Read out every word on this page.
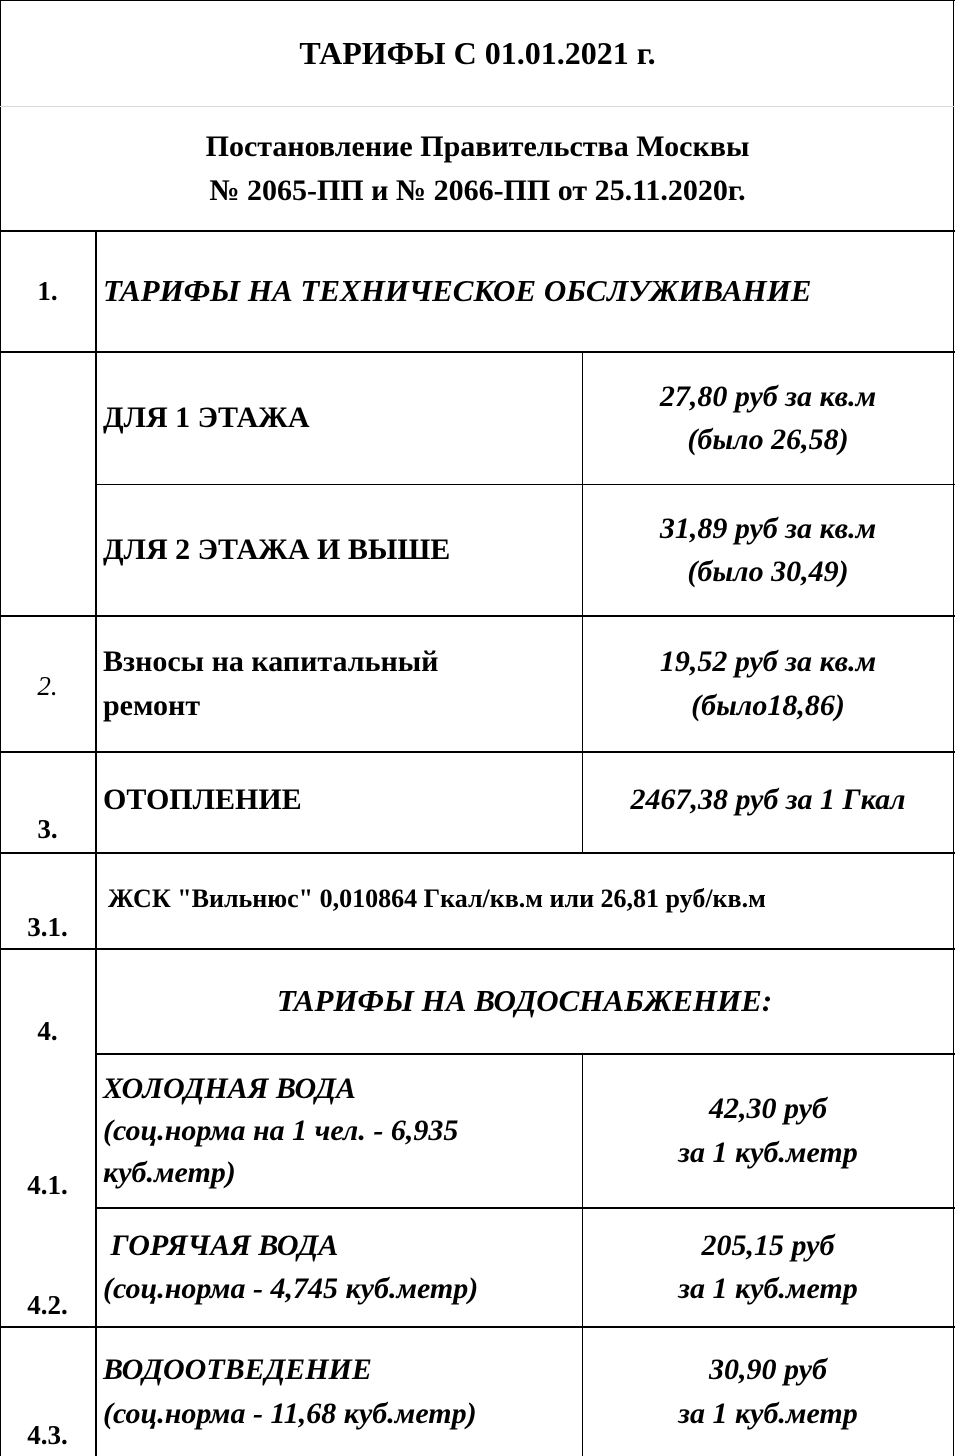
ТАРИФЫ С 01.01.2021 г.
Постановление Правительства Москвы
№ 2065-ПП и № 2066-ПП от 25.11.2020г.
1. ТАРИФЫ НА ТЕХНИЧЕСКОЕ ОБСЛУЖИВАНИЕ
ДЛЯ 1 ЭТАЖА
27,80 руб за кв.м
(было 26,58)
ДЛЯ 2 ЭТАЖА И ВЫШЕ
31,89 руб за кв.м
(было 30,49)
2.
Взносы на капитальный
ремонт
19,52 руб за кв.м
(было18,86)
3.
ОТОПЛЕНИЕ	2467,38 руб за 1 Гкал
3.1.
ЖСК "Вильнюс" 0,010864 Гкал/кв.м или 26,81 руб/кв.м
4.
ТАРИФЫ НА ВОДОСНАБЖЕНИЕ:
4.1.
ХОЛОДНАЯ ВОДА
(соц.норма на 1 чел. - 6,935
куб.метр)
42,30 руб
за 1 куб.метр
4.2.
ГОРЯЧАЯ ВОДА
(соц.норма - 4,745 куб.метр)
205,15 руб
за 1 куб.метр
4.3.
ВОДООТВЕДЕНИЕ
(соц.норма - 11,68 куб.метр)
30,90 руб
за 1 куб.метр
